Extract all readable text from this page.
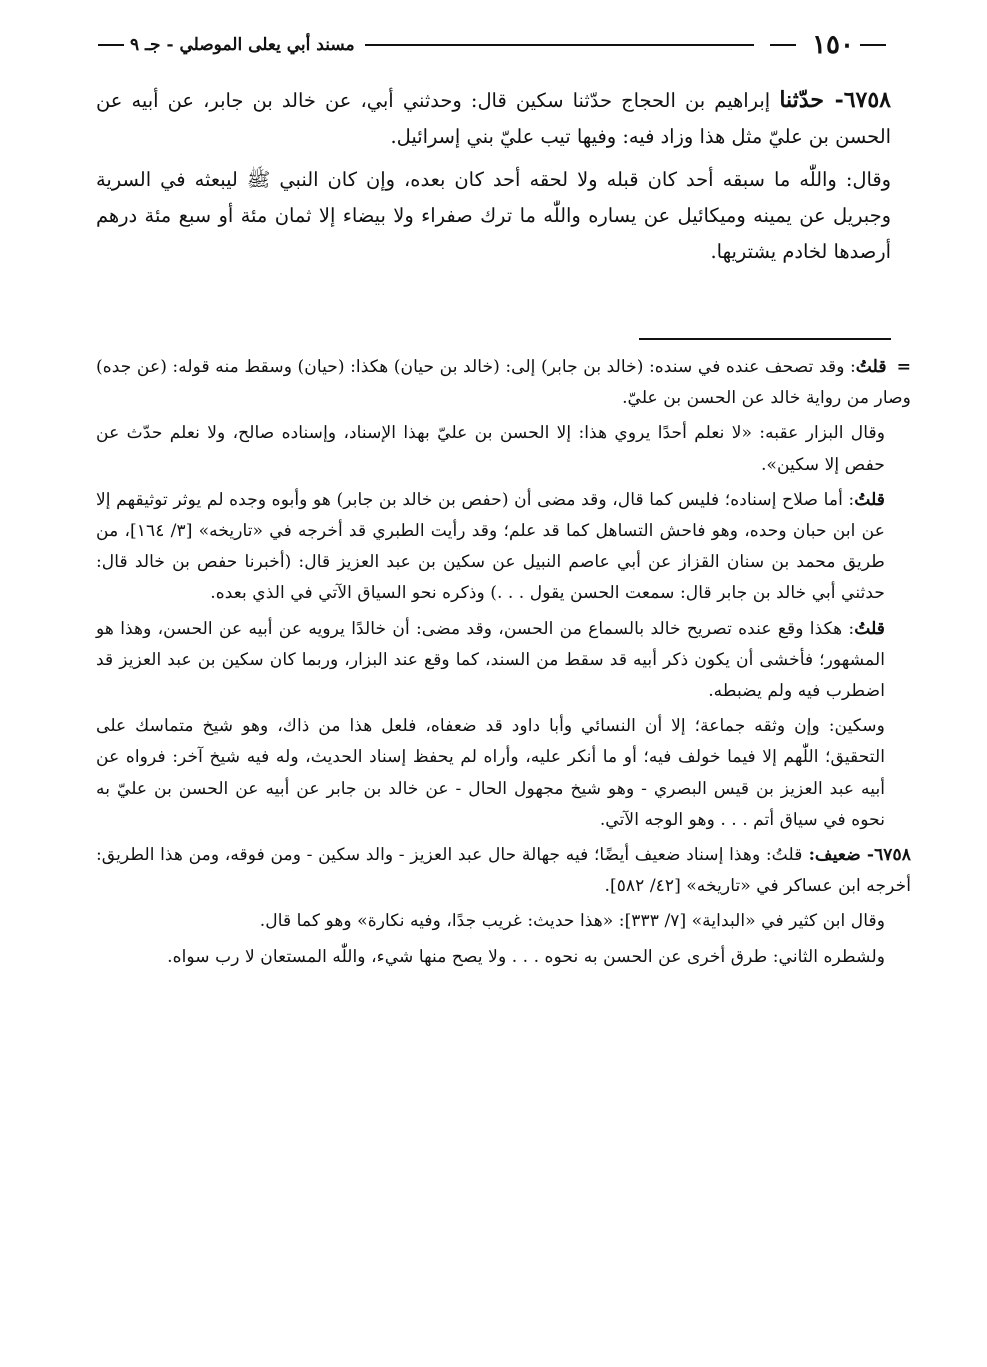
١٥٠
مسند أبي يعلى الموصلي - جـ ٩

٦٧٥٨- حدّثنا إبراهيم بن الحجاج حدّثنا سكين قال: وحدثني أبي، عن خالد بن جابر، عن أبيه عن الحسن بن عليّ مثل هذا وزاد فيه: وفيها تيب عليّ بني إسرائيل.

وقال: واللّٰه ما سبقه أحد كان قبله ولا لحقه أحد كان بعده، وإن كان النبي ﷺ ليبعثه في السرية وجبريل عن يمينه وميكائيل عن يساره واللّٰه ما ترك صفراء ولا بيضاء إلا ثمان مئة أو سبع مئة درهم أرصدها لخادم يشتريها.

=قلتُ: وقد تصحف عنده في سنده: (خالد بن جابر) إلى: (خالد بن حيان) هكذا: (حيان) وسقط منه قوله: (عن جده) وصار من رواية خالد عن الحسن بن عليّ.

وقال البزار عقبه: «لا نعلم أحدًا يروي هذا: إلا الحسن بن عليّ بهذا الإسناد، وإسناده صالح، ولا نعلم حدّث عن حفص إلا سكين».

قلتُ: أما صلاح إسناده؛ فليس كما قال، وقد مضى أن (حفص بن خالد بن جابر) هو وأبوه وجده لم يوثر توثيقهم إلا عن ابن حبان وحده، وهو فاحش التساهل كما قد علم؛ وقد رأيت الطبري قد أخرجه في «تاريخه» [٣/ ١٦٤]، من طريق محمد بن سنان القزاز عن أبي عاصم النبيل عن سكين بن عبد العزيز قال: (أخبرنا حفص بن خالد قال: حدثني أبي خالد بن جابر قال: سمعت الحسن يقول . . .) وذكره نحو السياق الآتي في الذي بعده.

قلتُ: هكذا وقع عنده تصريح خالد بالسماع من الحسن، وقد مضى: أن خالدًا يرويه عن أبيه عن الحسن، وهذا هو المشهور؛ فأخشى أن يكون ذكر أبيه قد سقط من السند، كما وقع عند البزار، وربما كان سكين بن عبد العزيز قد اضطرب فيه ولم يضبطه.

وسكين: وإن وثقه جماعة؛ إلا أن النسائي وأبا داود قد ضعفاه، فلعل هذا من ذاك، وهو شيخ متماسك على التحقيق؛ اللّٰهم إلا فيما خولف فيه؛ أو ما أنكر عليه، وأراه لم يحفظ إسناد الحديث، وله فيه شيخ آخر: فرواه عن أبيه عبد العزيز بن قيس البصري - وهو شيخ مجهول الحال - عن خالد بن جابر عن أبيه عن الحسن بن عليّ به نحوه في سياق أتم . . . وهو الوجه الآتي.

٦٧٥٨- ضعيف: قلتُ: وهذا إسناد ضعيف أيضًا؛ فيه جهالة حال عبد العزيز - والد سكين - ومن فوقه، ومن هذا الطريق: أخرجه ابن عساكر في «تاريخه» [٤٢/ ٥٨٢].

وقال ابن كثير في «البداية» [٧/ ٣٣٣]: «هذا حديث: غريب جدًا، وفيه نكارة» وهو كما قال.

ولشطره الثاني: طرق أخرى عن الحسن به نحوه . . . ولا يصح منها شيء، واللّٰه المستعان لا رب سواه.
